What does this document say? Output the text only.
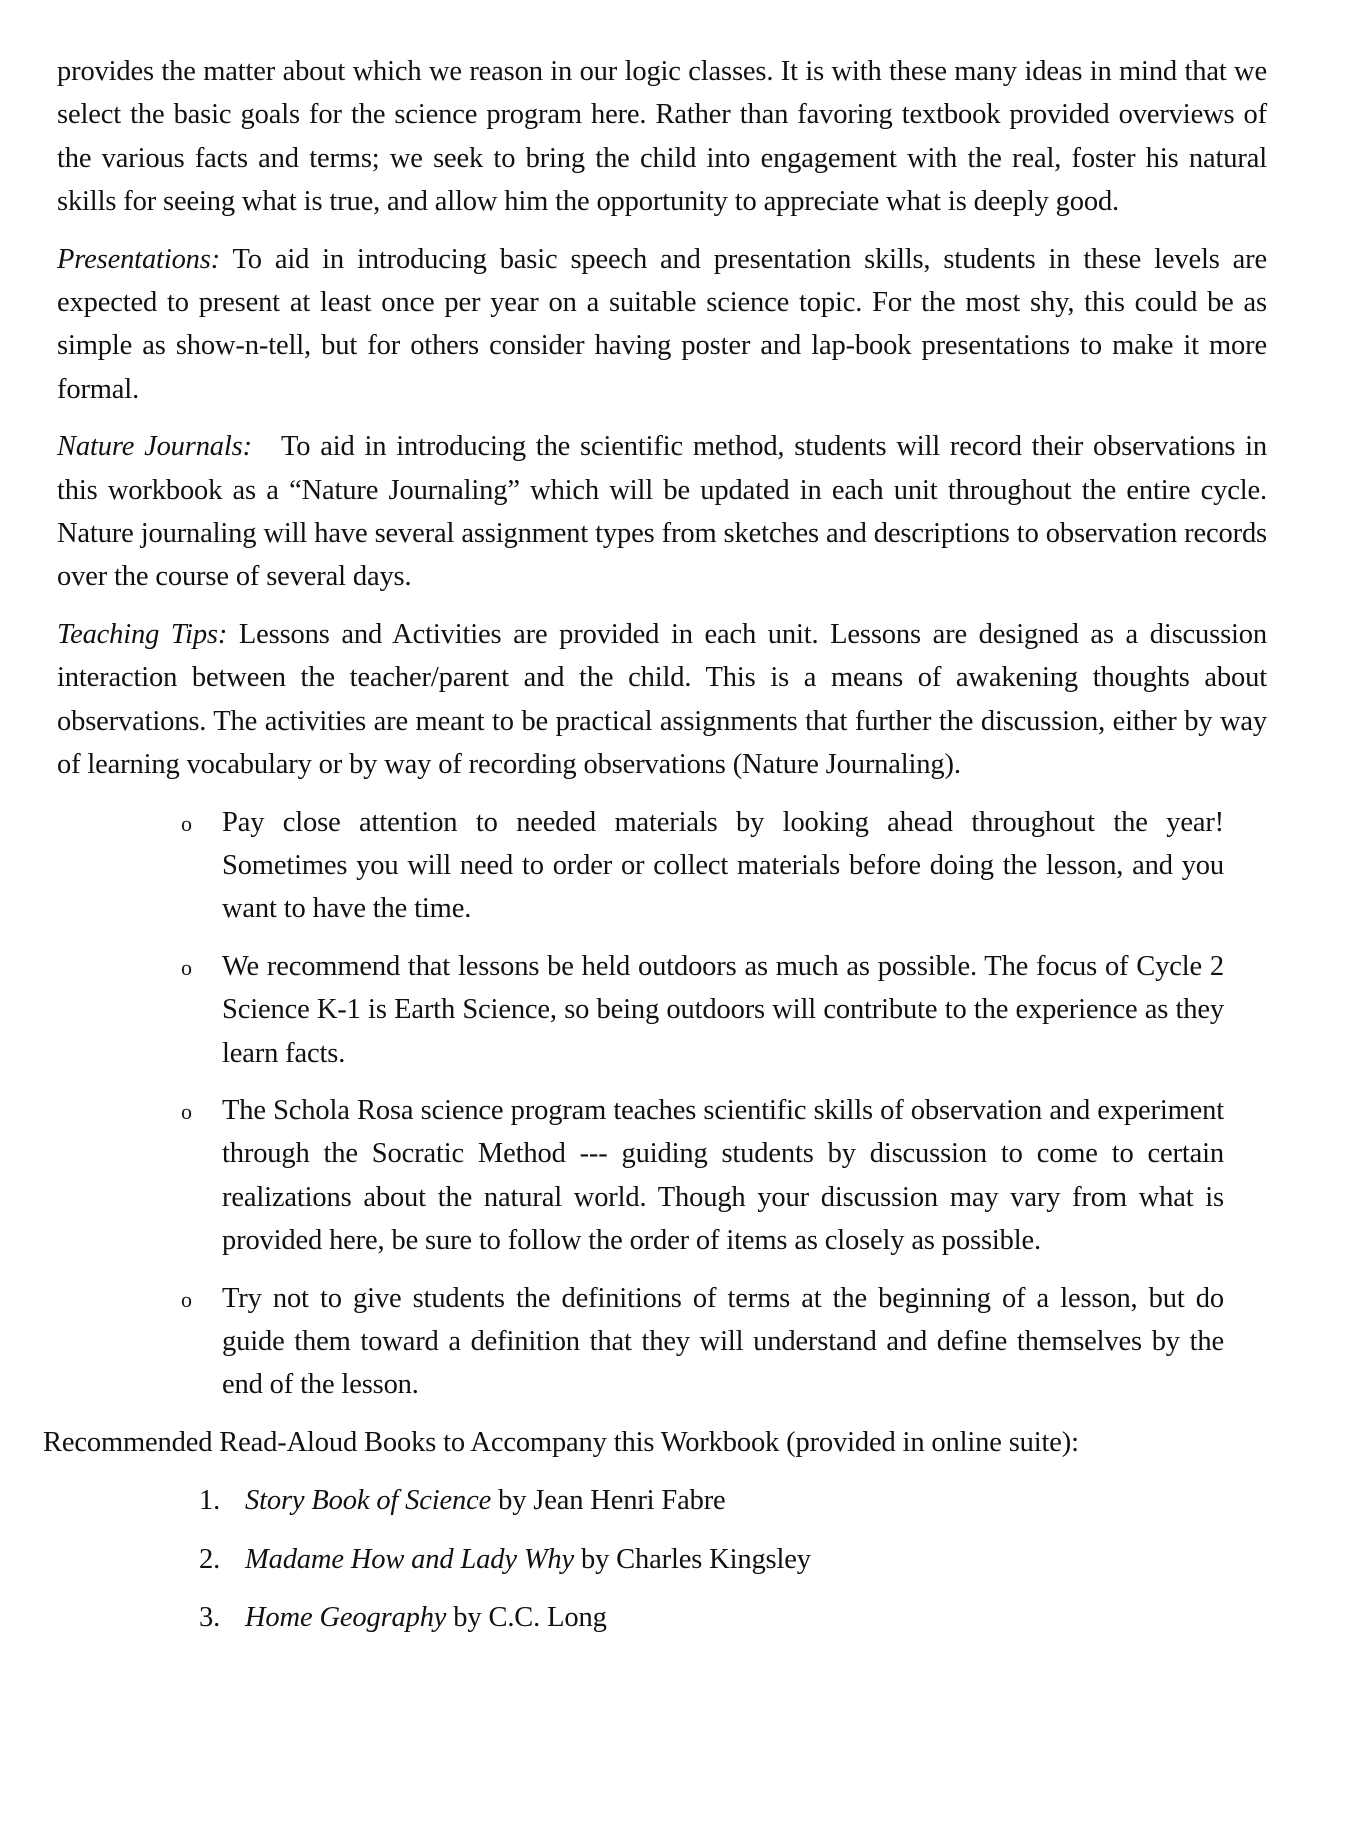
provides the matter about which we reason in our logic classes. It is with these many ideas in mind that we select the basic goals for the science program here. Rather than favoring textbook provided overviews of the various facts and terms; we seek to bring the child into engagement with the real, foster his natural skills for seeing what is true, and allow him the opportunity to appreciate what is deeply good.

Presentations: To aid in introducing basic speech and presentation skills, students in these levels are expected to present at least once per year on a suitable science topic. For the most shy, this could be as simple as show-n-tell, but for others consider having poster and lap-book presentations to make it more formal.

Nature Journals:   To aid in introducing the scientific method, students will record their observations in this workbook as a “Nature Journaling” which will be updated in each unit throughout the entire cycle. Nature journaling will have several assignment types from sketches and descriptions to observation records over the course of several days.

Teaching Tips: Lessons and Activities are provided in each unit. Lessons are designed as a discussion interaction between the teacher/parent and the child. This is a means of awakening thoughts about observations. The activities are meant to be practical assignments that further the discussion, either by way of learning vocabulary or by way of recording observations (Nature Journaling).

o Pay close attention to needed materials by looking ahead throughout the year! Sometimes you will need to order or collect materials before doing the lesson, and you want to have the time.
o We recommend that lessons be held outdoors as much as possible. The focus of Cycle 2 Science K-1 is Earth Science, so being outdoors will contribute to the experience as they learn facts.
o The Schola Rosa science program teaches scientific skills of observation and experiment through the Socratic Method --- guiding students by discussion to come to certain realizations about the natural world. Though your discussion may vary from what is provided here, be sure to follow the order of items as closely as possible.
o Try not to give students the definitions of terms at the beginning of a lesson, but do guide them toward a definition that they will understand and define themselves by the end of the lesson.

Recommended Read-Aloud Books to Accompany this Workbook (provided in online suite):

1. Story Book of Science by Jean Henri Fabre
2. Madame How and Lady Why by Charles Kingsley
3. Home Geography by C.C. Long
